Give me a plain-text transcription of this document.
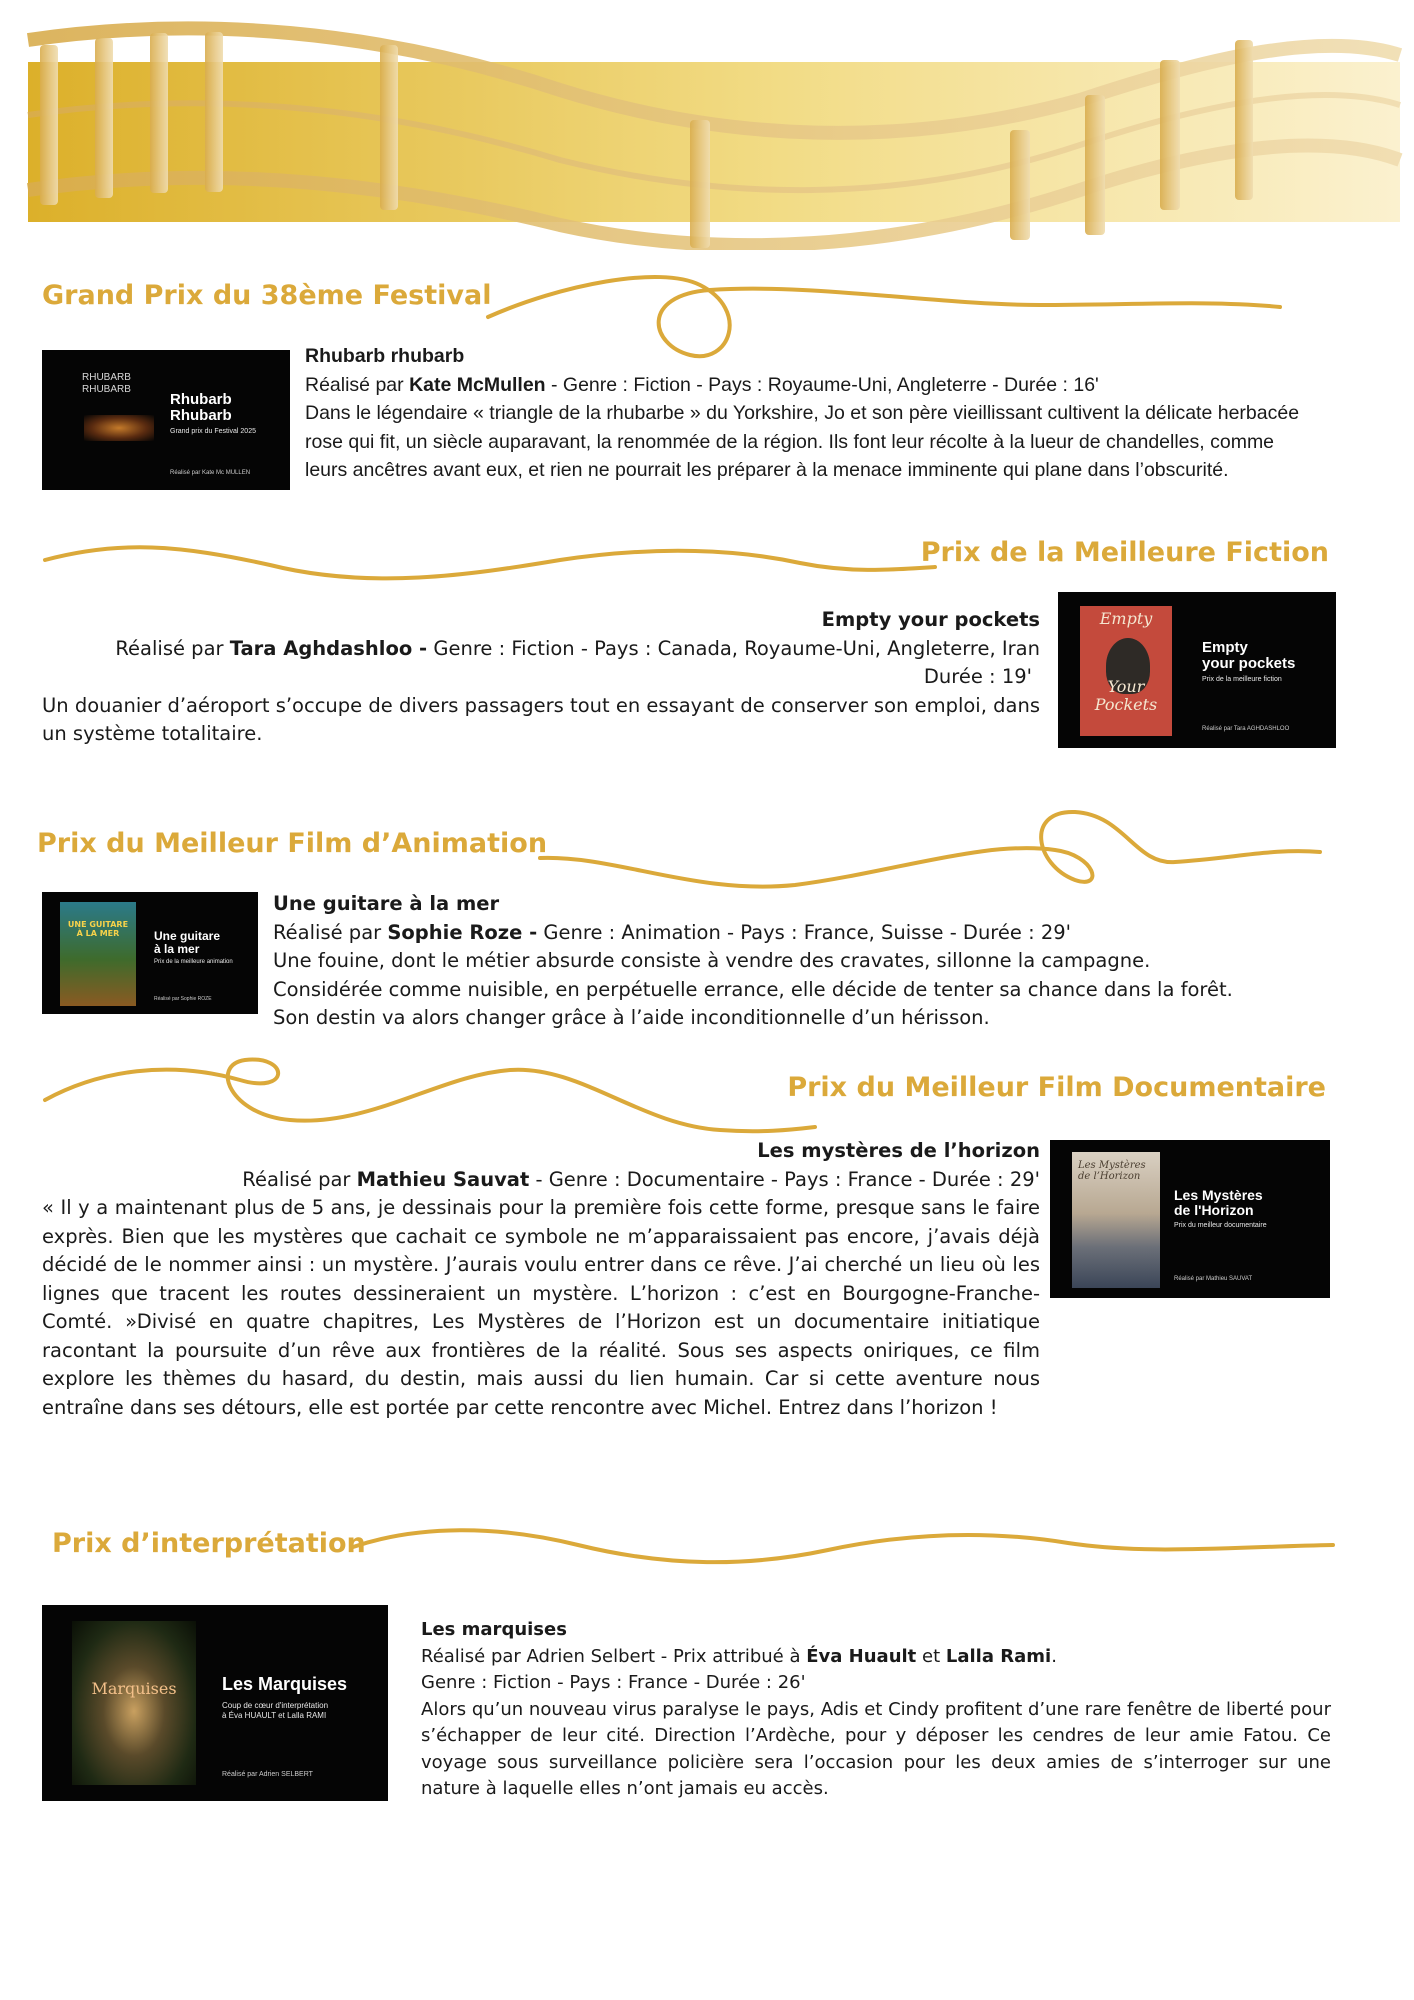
Grand Prix du 38ème Festival
RHUBARB
RHUBARB
Rhubarb
Rhubarb
Grand prix du Festival 2025
Réalisé par Kate Mc MULLEN

Rhubarb rhubarb

Réalisé par Kate McMullen - Genre : Fiction - Pays : Royaume-Uni, Angleterre - Durée : 16'

Dans le légendaire « triangle de la rhubarbe » du Yorkshire, Jo et son père vieillissant cultivent la délicate herbacée rose qui fit, un siècle auparavant, la renommée de la région. Ils font leur récolte à la lueur de chandelles, comme leurs ancêtres avant eux, et rien ne pourrait les préparer à la menace imminente qui plane dans l’obscurité.

Prix de la Meilleure Fiction
Empty
Your
Pockets
Empty
your pockets
Prix de la meilleure fiction
Réalisé par Tara AGHDASHLOO

Empty your pockets

Réalisé par Tara Aghdashloo - Genre : Fiction - Pays : Canada, Royaume-Uni, Angleterre, Iran

Durée : 19'

Un douanier d’aéroport s’occupe de divers passagers tout en essayant de conserver son emploi, dans un système totalitaire.

Prix du Meilleur Film d’Animation
UNE GUITARE
À LA MER	Une guitare
à la mer
Prix de la meilleure animation
Réalisé par Sophie ROZE

Une guitare à la mer

Réalisé par Sophie Roze - Genre : Animation - Pays : France, Suisse - Durée : 29'

Une fouine, dont le métier absurde consiste à vendre des cravates, sillonne la campagne.

Considérée comme nuisible, en perpétuelle errance, elle décide de tenter sa chance dans la forêt.

Son destin va alors changer grâce à l’aide inconditionnelle d’un hérisson.

Prix du Meilleur Film Documentaire
Les Mystères
de l’Horizon
Les Mystères
de l'Horizon
Prix du meilleur documentaire
Réalisé par Mathieu SAUVAT

Les mystères de l’horizon

Réalisé par Mathieu Sauvat - Genre : Documentaire - Pays : France - Durée : 29'

« Il y a maintenant plus de 5 ans, je dessinais pour la première fois cette forme, presque sans le faire exprès. Bien que les mystères que cachait ce symbole ne m’apparaissaient pas encore, j’avais déjà décidé de le nommer ainsi : un mystère. J’aurais voulu entrer dans ce rêve. J’ai cherché un lieu où les lignes que tracent les routes dessineraient un mystère. L’horizon : c’est en Bourgogne-Franche-Comté. »Divisé en quatre chapitres, Les Mystères de l’Horizon est un documentaire initiatique racontant la poursuite d’un rêve aux frontières de la réalité. Sous ses aspects oniriques, ce film explore les thèmes du hasard, du destin, mais aussi du lien humain. Car si cette aventure nous entraîne dans ses détours, elle est portée par cette rencontre avec Michel. Entrez dans l’horizon !

Prix d’interprétation
Marquises	Les Marquises
Coup de cœur d'interprétation
à Éva HUAULT et Lalla RAMI
Réalisé par Adrien SELBERT

Les marquises

Réalisé par Adrien Selbert - Prix attribué à Éva Huault et Lalla Rami.

Genre : Fiction - Pays : France - Durée : 26'

Alors qu’un nouveau virus paralyse le pays, Adis et Cindy profitent d’une rare fenêtre de liberté pour s’échapper de leur cité. Direction l’Ardèche, pour y déposer les cendres de leur amie Fatou. Ce voyage sous surveillance policière sera l’occasion pour les deux amies de s’interroger sur une nature à laquelle elles n’ont jamais eu accès.
